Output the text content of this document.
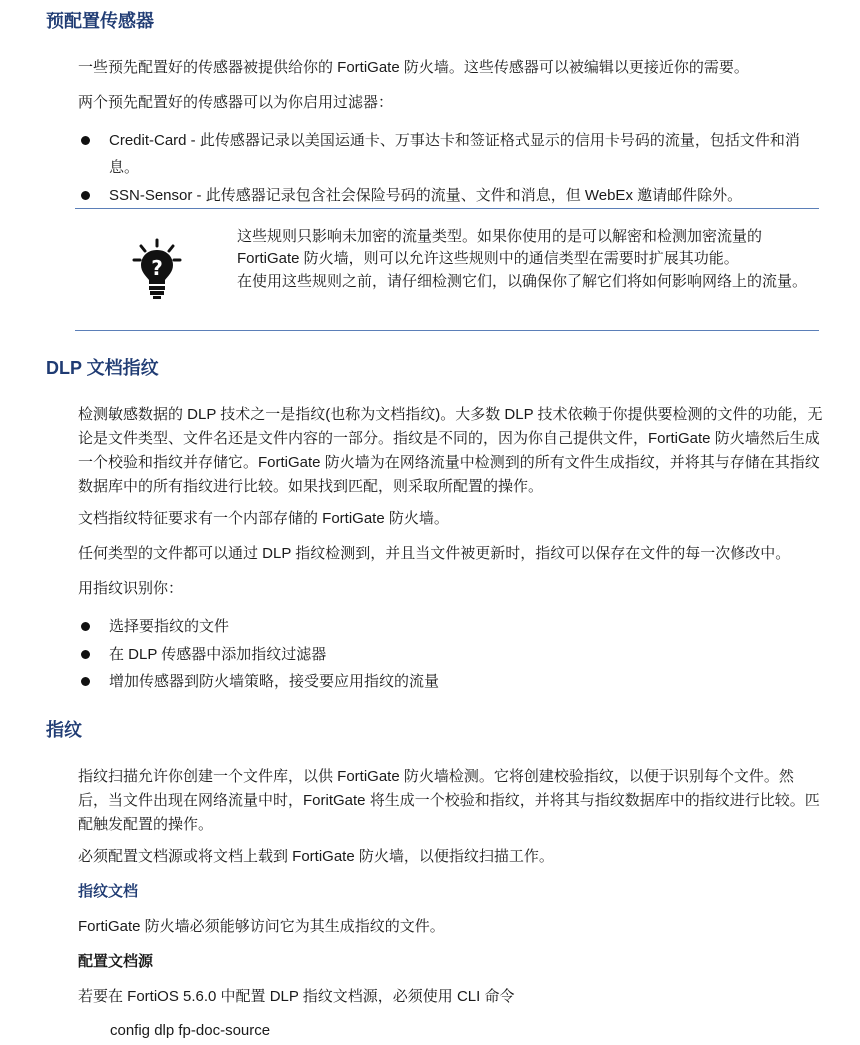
预配置传感器

一些预先配置好的传感器被提供给你的 FortiGate 防火墙。这些传感器可以被编辑以更接近你的需要。

两个预先配置好的传感器可以为你启用过滤器：

Credit-Card - 此传感器记录以美国运通卡、万事达卡和签证格式显示的信用卡号码的流量，包括文件和消息。
SSN-Sensor - 此传感器记录包含社会保险号码的流量、文件和消息，但 WebEx 邀请邮件除外。
?
这些规则只影响未加密的流量类型。如果你使用的是可以解密和检测加密流量的 FortiGate 防火墙，则可以允许这些规则中的通信类型在需要时扩展其功能。
在使用这些规则之前，请仔细检测它们，以确保你了解它们将如何影响网络上的流量。
DLP 文档指纹

检测敏感数据的 DLP 技术之一是指纹(也称为文档指纹)。大多数 DLP 技术依赖于你提供要检测的文件的功能，无论是文件类型、文件名还是文件内容的一部分。指纹是不同的，因为你自己提供文件，FortiGate 防火墙然后生成一个校验和指纹并存储它。FortiGate 防火墙为在网络流量中检测到的所有文件生成指纹，并将其与存储在其指纹数据库中的所有指纹进行比较。如果找到匹配，则采取所配置的操作。

文档指纹特征要求有一个内部存储的 FortiGate 防火墙。

任何类型的文件都可以通过 DLP 指纹检测到，并且当文件被更新时，指纹可以保存在文件的每一次修改中。

用指纹识别你：

选择要指纹的文件
在 DLP 传感器中添加指纹过滤器
增加传感器到防火墙策略，接受要应用指纹的流量
指纹

指纹扫描允许你创建一个文件库，以供 FortiGate 防火墙检测。它将创建校验指纹，以便于识别每个文件。然后，当文件出现在网络流量中时，ForitGate 将生成一个校验和指纹，并将其与指纹数据库中的指纹进行比较。匹配触发配置的操作。

必须配置文档源或将文档上载到 FortiGate 防火墙，以便指纹扫描工作。

指纹文档

FortiGate 防火墙必须能够访问它为其生成指纹的文件。

配置文档源

若要在 FortiOS 5.6.0 中配置 DLP 指纹文档源，必须使用 CLI 命令

config dlp fp-doc-source
